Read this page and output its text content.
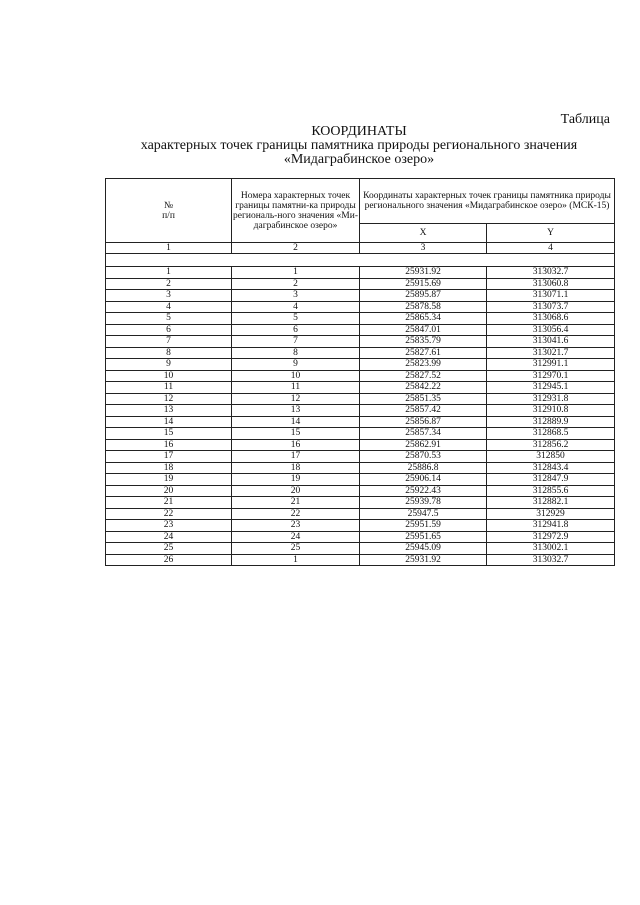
Таблица
КООРДИНАТЫ
характерных точек границы памятника природы регионального значения
«Мидаграбинское озеро»
№
п/п	Номера характерных точек границы памятни-ка природы региональ-ного значения «Ми-даграбинское озеро»	Координаты характерных точек границы памятника природы регионального значения «Мидаграбинское озеро» (МСК-15)	
		X	Y
1	2	3	4

1	1	25931.92	313032.7
2	2	25915.69	313060.8
3	3	25895.87	313071.1
4	4	25878.58	313073.7
5	5	25865.34	313068.6
6	6	25847.01	313056.4
7	7	25835.79	313041.6
8	8	25827.61	313021.7
9	9	25823.99	312991.1
10	10	25827.52	312970.1
11	11	25842.22	312945.1
12	12	25851.35	312931.8
13	13	25857.42	312910.8
14	14	25856.87	312889.9
15	15	25857.34	312868.5
16	16	25862.91	312856.2
17	17	25870.53	312850
18	18	25886.8	312843.4
19	19	25906.14	312847.9
20	20	25922.43	312855.6
21	21	25939.78	312882.1
22	22	25947.5	312929
23	23	25951.59	312941.8
24	24	25951.65	312972.9
25	25	25945.09	313002.1
26	1	25931.92	313032.7
